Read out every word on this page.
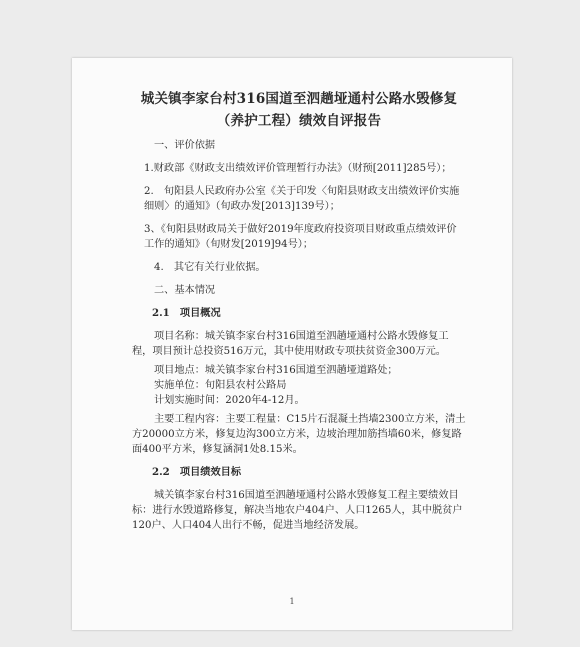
城关镇李家台村316国道至泗趟垭通村公路水毁修复

（养护工程）绩效自评报告

一、评价依据

1.财政部《财政支出绩效评价管理暂行办法》（财预[2011]285号）；

2.　旬阳县人民政府办公室《关于印发〈旬阳县财政支出绩效评价实施细则〉的通知》（旬政办发[2013]139号）；

3、《旬阳县财政局关于做好2019年度政府投资项目财政重点绩效评价工作的通知》（旬财发[2019]94号）；

4.　其它有关行业依据。

二、基本情况

2.1　项目概况

项目名称：城关镇李家台村316国道至泗趟垭通村公路水毁修复工程，项目预计总投资516万元，其中使用财政专项扶贫资金300万元。

项目地点：城关镇李家台村316国道至泗趟垭道路处；

实施单位：旬阳县农村公路局

计划实施时间：2020年4-12月。

主要工程内容：主要工程量：C15片石混凝土挡墙2300立方米，清土方20000立方米，修复边沟300立方米，边坡治理加筋挡墙60米，修复路面400平方米，修复涵洞1处8.15米。

2.2　项目绩效目标

城关镇李家台村316国道至泗趟垭通村公路水毁修复工程主要绩效目标：进行水毁道路修复，解决当地农户404户、人口1265人，其中脱贫户120户、人口404人出行不畅，促进当地经济发展。

1
